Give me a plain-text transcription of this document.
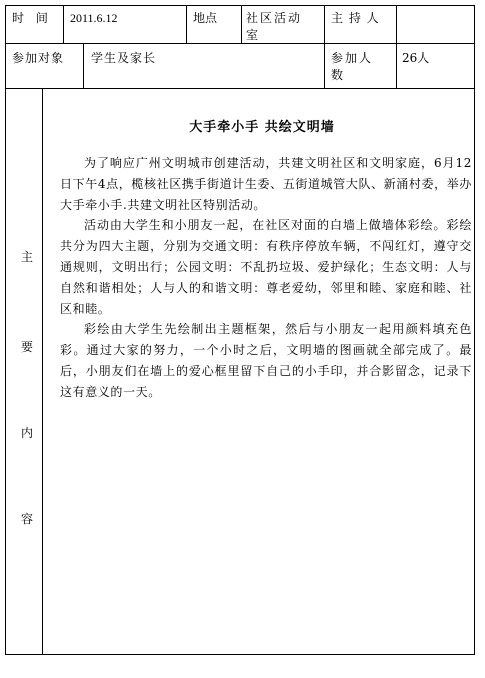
时 间 2011.6.12	地点 社区活动室
主 持 人
参加对象 学生及家长	参加人数
26人
主
要
内
容
大手牵小手 共绘文明墙

为了响应广州文明城市创建活动，共建文明社区和文明家庭，6月12日下午4点，榄核社区携手街道计生委、五街道城管大队、新涌村委，举办大手牵小手.共建文明社区特别活动。

活动由大学生和小朋友一起，在社区对面的白墙上做墙体彩绘。彩绘共分为四大主题，分别为交通文明：有秩序停放车辆，不闯红灯，遵守交通规则，文明出行；公园文明：不乱扔垃圾、爱护绿化；生态文明：人与自然和谐相处；人与人的和谐文明：尊老爱幼，邻里和睦、家庭和睦、社区和睦。

彩绘由大学生先绘制出主题框架，然后与小朋友一起用颜料填充色彩。通过大家的努力，一个小时之后，文明墙的图画就全部完成了。最后，小朋友们在墙上的爱心框里留下自己的小手印，并合影留念，记录下这有意义的一天。
